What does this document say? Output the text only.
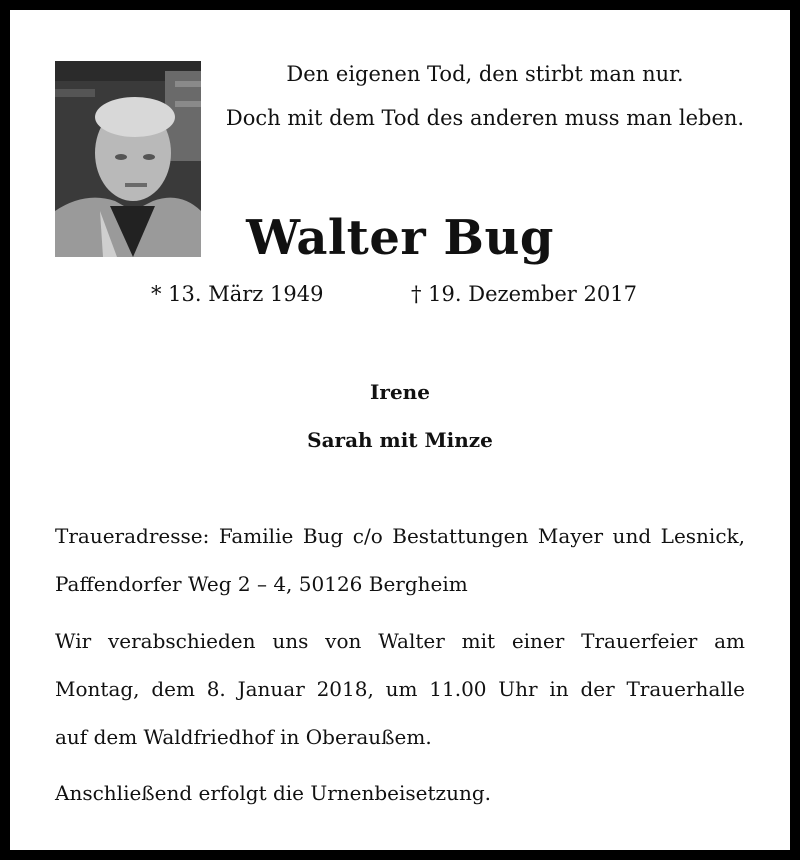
Den eigenen Tod, den stirbt man nur.
Doch mit dem Tod des anderen muss man leben.
Walter Bug
* 13. März 1949	† 19. Dezember 2017
Irene
Sarah mit Minze
Traueradresse: Familie Bug c/o Bestattungen Mayer und Lesnick,
Paffendorfer Weg 2 – 4, 50126 Bergheim
Wir verabschieden uns von Walter mit einer Trauerfeier am
Montag, dem 8. Januar 2018, um 11.00 Uhr in der Trauerhalle
auf dem Waldfriedhof in Oberaußem.
Anschließend erfolgt die Urnenbeisetzung.
